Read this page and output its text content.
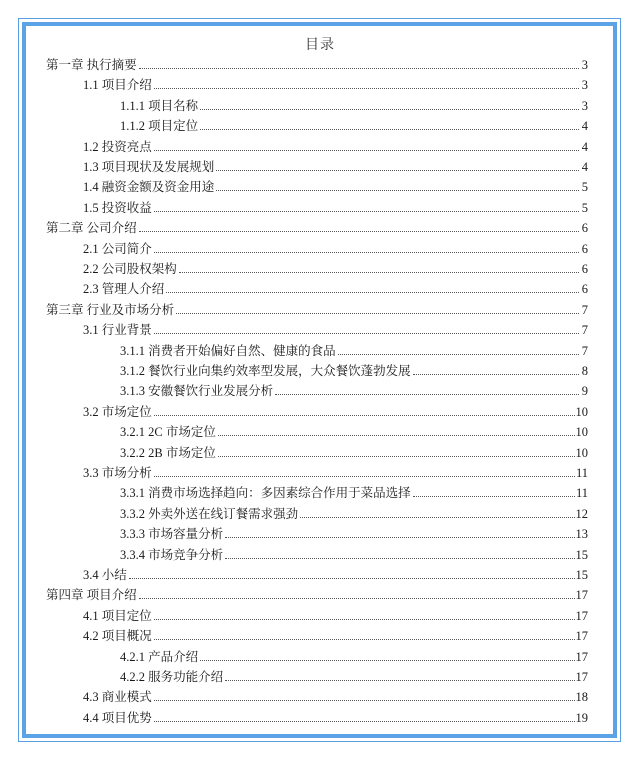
目录
第一章 执行摘要	3
1.1 项目介绍	3
1.1.1 项目名称	3
1.1.2 项目定位	4
1.2 投资亮点	4
1.3 项目现状及发展规划	4
1.4 融资金额及资金用途	5
1.5 投资收益	5
第二章 公司介绍	6
2.1 公司简介	6
2.2 公司股权架构	6
2.3 管理人介绍	6
第三章 行业及市场分析	7
3.1 行业背景	7
3.1.1 消费者开始偏好自然、健康的食品	7
3.1.2 餐饮行业向集约效率型发展，大众餐饮蓬勃发展	8
3.1.3 安徽餐饮行业发展分析	9
3.2 市场定位	10
3.2.1 2C 市场定位	10
3.2.2 2B 市场定位	10
3.3 市场分析	11
3.3.1 消费市场选择趋向：多因素综合作用于菜品选择	11
3.3.2 外卖外送在线订餐需求强劲	12
3.3.3 市场容量分析	13
3.3.4 市场竞争分析	15
3.4 小结	15
第四章 项目介绍	17
4.1 项目定位	17
4.2 项目概况	17
4.2.1 产品介绍	17
4.2.2 服务功能介绍	17
4.3 商业模式	18
4.4 项目优势	19
